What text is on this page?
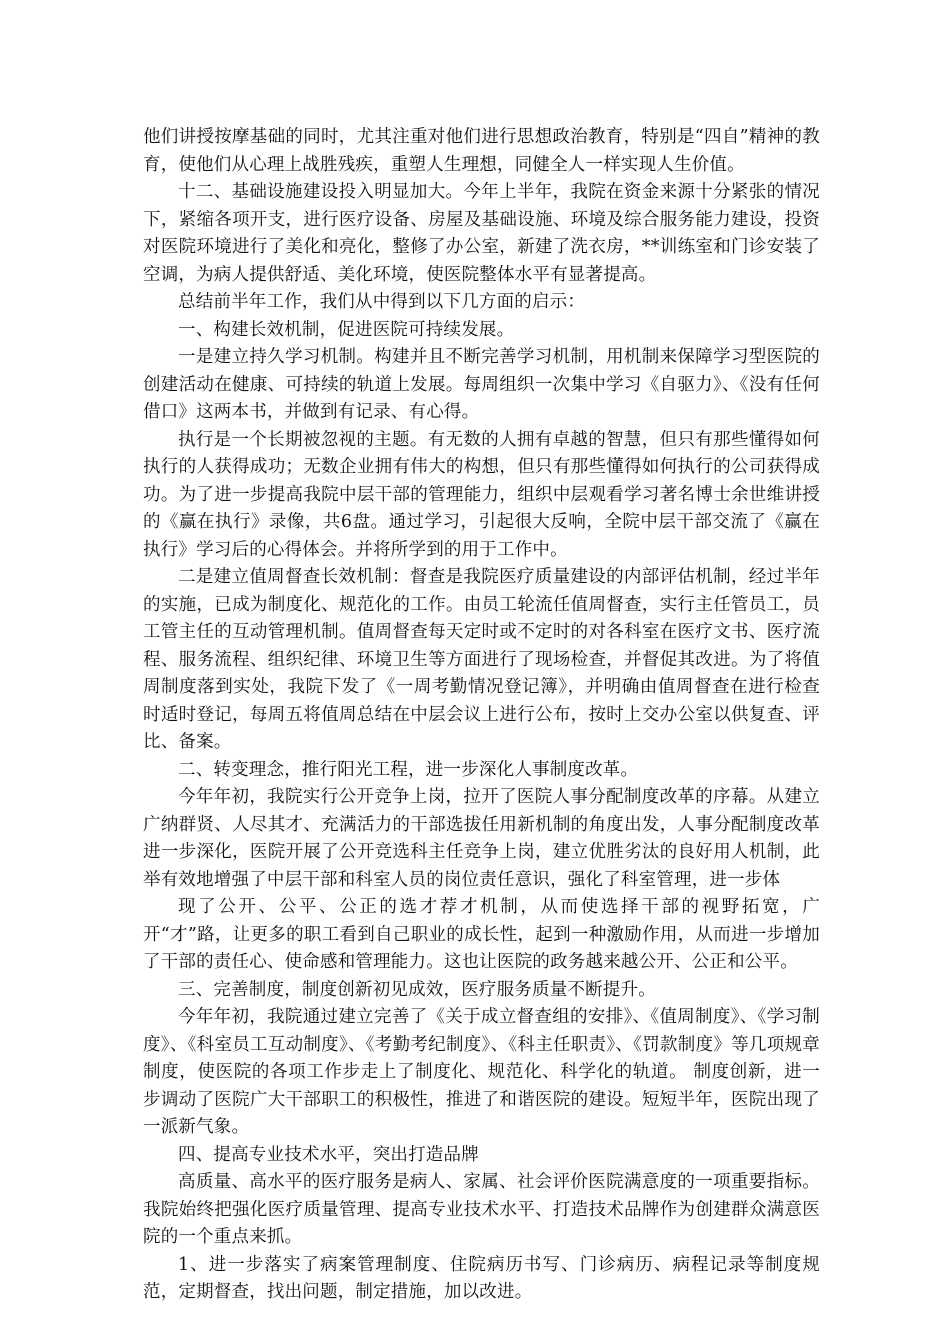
他们讲授按摩基础的同时，尤其注重对他们进行思想政治教育，特别是“四自”精神的教育，使他们从心理上战胜残疾，重塑人生理想，同健全人一样实现人生价值。

十二、基础设施建设投入明显加大。今年上半年，我院在资金来源十分紧张的情况下，紧缩各项开支，进行医疗设备、房屋及基础设施、环境及综合服务能力建设，投资对医院环境进行了美化和亮化，整修了办公室，新建了洗衣房，**训练室和门诊安装了空调，为病人提供舒适、美化环境，使医院整体水平有显著提高。

总结前半年工作，我们从中得到以下几方面的启示：

一、构建长效机制，促进医院可持续发展。

一是建立持久学习机制。构建并且不断完善学习机制，用机制来保障学习型医院的创建活动在健康、可持续的轨道上发展。每周组织一次集中学习《自驱力》、《没有任何借口》这两本书，并做到有记录、有心得。

执行是一个长期被忽视的主题。有无数的人拥有卓越的智慧，但只有那些懂得如何执行的人获得成功；无数企业拥有伟大的构想，但只有那些懂得如何执行的公司获得成功。为了进一步提高我院中层干部的管理能力，组织中层观看学习著名博士余世维讲授的《赢在执行》录像，共6盘。通过学习，引起很大反响，全院中层干部交流了《赢在执行》学习后的心得体会。并将所学到的用于工作中。

二是建立值周督查长效机制：督查是我院医疗质量建设的内部评估机制，经过半年的实施，已成为制度化、规范化的工作。由员工轮流任值周督查，实行主任管员工，员工管主任的互动管理机制。值周督查每天定时或不定时的对各科室在医疗文书、医疗流程、服务流程、组织纪律、环境卫生等方面进行了现场检查，并督促其改进。为了将值周制度落到实处，我院下发了《一周考勤情况登记簿》，并明确由值周督查在进行检查时适时登记，每周五将值周总结在中层会议上进行公布，按时上交办公室以供复查、评比、备案。

二、转变理念，推行阳光工程，进一步深化人事制度改革。

今年年初，我院实行公开竞争上岗，拉开了医院人事分配制度改革的序幕。从建立广纳群贤、人尽其才、充满活力的干部选拔任用新机制的角度出发，人事分配制度改革进一步深化，医院开展了公开竞选科主任竞争上岗，建立优胜劣汰的良好用人机制，此举有效地增强了中层干部和科室人员的岗位责任意识，强化了科室管理，进一步体

现了公开、公平、公正的选才荐才机制，从而使选择干部的视野拓宽，广开“才”路，让更多的职工看到自己职业的成长性，起到一种激励作用，从而进一步增加了干部的责任心、使命感和管理能力。这也让医院的政务越来越公开、公正和公平。

三、完善制度，制度创新初见成效，医疗服务质量不断提升。

今年年初，我院通过建立完善了《关于成立督查组的安排》、《值周制度》、《学习制度》、《科室员工互动制度》、《考勤考纪制度》、《科主任职责》、《罚款制度》等几项规章制度，使医院的各项工作步走上了制度化、规范化、科学化的轨道。 制度创新，进一步调动了医院广大干部职工的积极性，推进了和谐医院的建设。短短半年，医院出现了一派新气象。

四、提高专业技术水平，突出打造品牌

高质量、高水平的医疗服务是病人、家属、社会评价医院满意度的一项重要指标。我院始终把强化医疗质量管理、提高专业技术水平、打造技术品牌作为创建群众满意医院的一个重点来抓。

1、进一步落实了病案管理制度、住院病历书写、门诊病历、病程记录等制度规范，定期督查，找出问题，制定措施，加以改进。
